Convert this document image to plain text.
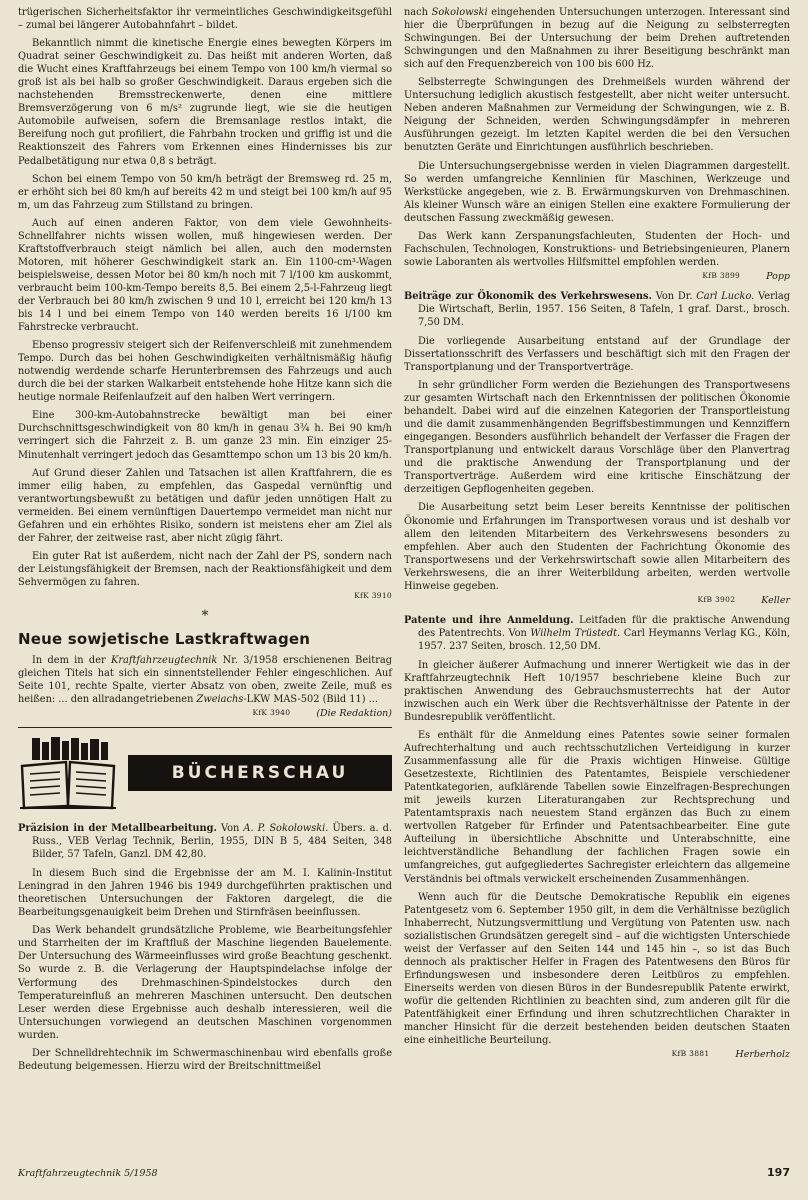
trügerischen Sicherheitsfaktor ihr vermeintliches Geschwindigkeitsgefühl – zumal bei längerer Autobahnfahrt – bildet.

Bekanntlich nimmt die kinetische Energie eines bewegten Körpers im Quadrat seiner Geschwindigkeit zu. Das heißt mit anderen Worten, daß die Wucht eines Kraftfahrzeugs bei einem Tempo von 100 km/h viermal so groß ist als bei halb so großer Geschwindigkeit. Daraus ergeben sich die nachstehenden Bremsstreckenwerte, denen eine mittlere Bremsverzögerung von 6 m/s² zugrunde liegt, wie sie die heutigen Automobile aufweisen, sofern die Bremsanlage restlos intakt, die Bereifung noch gut profiliert, die Fahrbahn trocken und griffig ist und die Reaktionszeit des Fahrers vom Erkennen eines Hindernisses bis zur Pedalbetätigung nur etwa 0,8 s beträgt.

Schon bei einem Tempo von 50 km/h beträgt der Bremsweg rd. 25 m, er erhöht sich bei 80 km/h auf bereits 42 m und steigt bei 100 km/h auf 95 m, um das Fahrzeug zum Stillstand zu bringen.

Auch auf einen anderen Faktor, von dem viele Gewohnheits-Schnellfahrer nichts wissen wollen, muß hingewiesen werden. Der Kraftstoffverbrauch steigt nämlich bei allen, auch den modernsten Motoren, mit höherer Geschwindigkeit stark an. Ein 1100-cm³-Wagen beispielsweise, dessen Motor bei 80 km/h noch mit 7 l/100 km auskommt, verbraucht beim 100-km-Tempo bereits 8,5. Bei einem 2,5-l-Fahrzeug liegt der Verbrauch bei 80 km/h zwischen 9 und 10 l, erreicht bei 120 km/h 13 bis 14 l und bei einem Tempo von 140 werden bereits 16 l/100 km Fahrstrecke verbraucht.

Ebenso progressiv steigert sich der Reifenverschleiß mit zunehmendem Tempo. Durch das bei hohen Geschwindigkeiten verhältnismäßig häufig notwendig werdende scharfe Herunterbremsen des Fahrzeugs und auch durch die bei der starken Walkarbeit entstehende hohe Hitze kann sich die heutige normale Reifenlaufzeit auf den halben Wert verringern.

Eine 300-km-Autobahnstrecke bewältigt man bei einer Durchschnittsgeschwindigkeit von 80 km/h in genau 3¾ h. Bei 90 km/h verringert sich die Fahrzeit z. B. um ganze 23 min. Ein einziger 25-Minutenhalt verringert jedoch das Gesamttempo schon um 13 bis 20 km/h.

Auf Grund dieser Zahlen und Tatsachen ist allen Kraftfahrern, die es immer eilig haben, zu empfehlen, das Gaspedal vernünftig und verantwortungsbewußt zu betätigen und dafür jeden unnötigen Halt zu vermeiden. Bei einem vernünftigen Dauertempo vermeidet man nicht nur Gefahren und ein erhöhtes Risiko, sondern ist meistens eher am Ziel als der Fahrer, der zeitweise rast, aber nicht zügig fährt.

Ein guter Rat ist außerdem, nicht nach der Zahl der PS, sondern nach der Leistungsfähigkeit der Bremsen, nach der Reaktionsfähigkeit und dem Sehvermögen zu fahren.

KfK 3910
*
Neue sowjetische Lastkraftwagen

In dem in der Kraftfahrzeugtechnik Nr. 3/1958 erschienenen Beitrag gleichen Titels hat sich ein sinnentstellender Fehler eingeschlichen. Auf Seite 101, rechte Spalte, vierter Absatz von oben, zweite Zeile, muß es heißen: ... den allradangetriebenen Zweiachs-LKW MAS-502 (Bild 11) ...

KfK 3940	(Die Redaktion)
BÜCHERSCHAU

Präzision in der Metallbearbeitung. Von A. P. Sokolowski. Übers. a. d. Russ., VEB Verlag Technik, Berlin, 1955, DIN B 5, 484 Seiten, 348 Bilder, 57 Tafeln, Ganzl. DM 42,80.

In diesem Buch sind die Ergebnisse der am M. I. Kalinin-Institut Leningrad in den Jahren 1946 bis 1949 durchgeführten praktischen und theoretischen Untersuchungen der Faktoren dargelegt, die die Bearbeitungsgenauigkeit beim Drehen und Stirnfräsen beeinflussen.

Das Werk behandelt grundsätzliche Probleme, wie Bearbeitungsfehler und Starrheiten der im Kraftfluß der Maschine liegenden Bauelemente. Der Untersuchung des Wärmeeinflusses wird große Beachtung geschenkt. So wurde z. B. die Verlagerung der Hauptspindelachse infolge der Verformung des Drehmaschinen-Spindelstockes durch den Temperatureinfluß an mehreren Maschinen untersucht. Den deutschen Leser werden diese Ergebnisse auch deshalb interessieren, weil die Untersuchungen vorwiegend an deutschen Maschinen vorgenommen wurden.

Der Schnelldrehtechnik im Schwermaschinenbau wird ebenfalls große Bedeutung beigemessen. Hierzu wird der Breitschnittmeißel

nach Sokolowski eingehenden Untersuchungen unterzogen. Interessant sind hier die Überprüfungen in bezug auf die Neigung zu selbsterregten Schwingungen. Bei der Untersuchung der beim Drehen auftretenden Schwingungen und den Maßnahmen zu ihrer Beseitigung beschränkt man sich auf den Frequenzbereich von 100 bis 600 Hz.

Selbsterregte Schwingungen des Drehmeißels wurden während der Untersuchung lediglich akustisch festgestellt, aber nicht weiter untersucht. Neben anderen Maßnahmen zur Vermeidung der Schwingungen, wie z. B. Neigung der Schneiden, werden Schwingungsdämpfer in mehreren Ausführungen gezeigt. Im letzten Kapitel werden die bei den Versuchen benutzten Geräte und Einrichtungen ausführlich beschrieben.

Die Untersuchungsergebnisse werden in vielen Diagrammen dargestellt. So werden umfangreiche Kennlinien für Maschinen, Werkzeuge und Werkstücke angegeben, wie z. B. Erwärmungskurven von Drehmaschinen. Als kleiner Wunsch wäre an einigen Stellen eine exaktere Formulierung der deutschen Fassung zweckmäßig gewesen.

Das Werk kann Zerspanungsfachleuten, Studenten der Hoch- und Fachschulen, Technologen, Konstruktions- und Betriebsingenieuren, Planern sowie Laboranten als wertvolles Hilfsmittel empfohlen werden.

KfB 3899	Popp

Beiträge zur Ökonomik des Verkehrswesens. Von Dr. Carl Lucko. Verlag Die Wirtschaft, Berlin, 1957. 156 Seiten, 8 Tafeln, 1 graf. Darst., brosch. 7,50 DM.

Die vorliegende Ausarbeitung entstand auf der Grundlage der Dissertationsschrift des Verfassers und beschäftigt sich mit den Fragen der Transportplanung und der Transportverträge.

In sehr gründlicher Form werden die Beziehungen des Transportwesens zur gesamten Wirtschaft nach den Erkenntnissen der politischen Ökonomie behandelt. Dabei wird auf die einzelnen Kategorien der Transportleistung und die damit zusammenhängenden Begriffsbestimmungen und Kennziffern eingegangen. Besonders ausführlich behandelt der Verfasser die Fragen der Transportplanung und entwickelt daraus Vorschläge über den Planvertrag und die praktische Anwendung der Transportplanung und der Transportverträge. Außerdem wird eine kritische Einschätzung der derzeitigen Gepflogenheiten gegeben.

Die Ausarbeitung setzt beim Leser bereits Kenntnisse der politischen Ökonomie und Erfahrungen im Transportwesen voraus und ist deshalb vor allem den leitenden Mitarbeitern des Verkehrswesens besonders zu empfehlen. Aber auch den Studenten der Fachrichtung Ökonomie des Transportwesens und der Verkehrswirtschaft sowie allen Mitarbeitern des Verkehrswesens, die an ihrer Weiterbildung arbeiten, werden wertvolle Hinweise gegeben.

KfB 3902	Keller

Patente und ihre Anmeldung. Leitfaden für die praktische Anwendung des Patentrechts. Von Wilhelm Trüstedt. Carl Heymanns Verlag KG., Köln, 1957. 237 Seiten, brosch. 12,50 DM.

In gleicher äußerer Aufmachung und innerer Wertigkeit wie das in der Kraftfahrzeugtechnik Heft 10/1957 beschriebene kleine Buch zur praktischen Anwendung des Gebrauchsmusterrechts hat der Autor inzwischen auch ein Werk über die Rechtsverhältnisse der Patente in der Bundesrepublik veröffentlicht.

Es enthält für die Anmeldung eines Patentes sowie seiner formalen Aufrechterhaltung und auch rechtsschutzlichen Verteidigung in kurzer Zusammenfassung alle für die Praxis wichtigen Hinweise. Gültige Gesetzestexte, Richtlinien des Patentamtes, Beispiele verschiedener Patentkategorien, aufklärende Tabellen sowie Einzelfragen-Besprechungen mit jeweils kurzen Literaturangaben zur Rechtsprechung und Patentamtspraxis nach neuestem Stand ergänzen das Buch zu einem wertvollen Ratgeber für Erfinder und Patentsachbearbeiter. Eine gute Aufteilung in übersichtliche Abschnitte und Unterabschnitte, eine leichtverständliche Behandlung der fachlichen Fragen sowie ein umfangreiches, gut aufgegliedertes Sachregister erleichtern das allgemeine Verständnis bei oftmals verwickelt erscheinenden Zusammenhängen.

Wenn auch für die Deutsche Demokratische Republik ein eigenes Patentgesetz vom 6. September 1950 gilt, in dem die Verhältnisse bezüglich Inhaberrecht, Nutzungsvermittlung und Vergütung von Patenten usw. nach sozialistischen Grundsätzen geregelt sind – auf die wichtigsten Unterschiede weist der Verfasser auf den Seiten 144 und 145 hin –, so ist das Buch dennoch als praktischer Helfer in Fragen des Patentwesens den Büros für Erfindungswesen und insbesondere deren Leitbüros zu empfehlen. Einerseits werden von diesen Büros in der Bundesrepublik Patente erwirkt, wofür die geltenden Richtlinien zu beachten sind, zum anderen gilt für die Patentfähigkeit einer Erfindung und ihren schutzrechtlichen Charakter in mancher Hinsicht für die derzeit bestehenden beiden deutschen Staaten eine einheitliche Beurteilung.

KfB 3881	Herberholz
Kraftfahrzeugtechnik 5/1958	197
